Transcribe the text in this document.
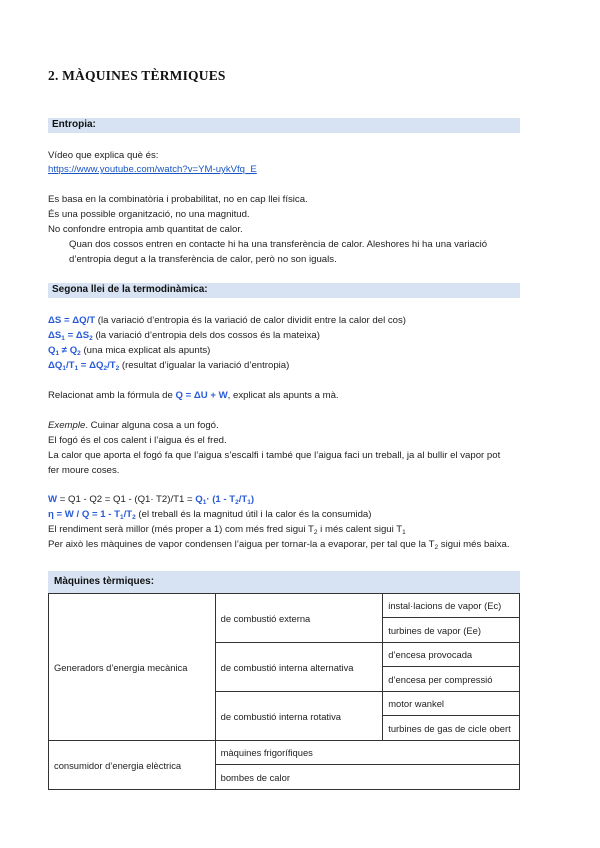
2. MÀQUINES TÈRMIQUES
Entropia:
Vídeo que explica què és:
https://www.youtube.com/watch?v=YM-uykVfq_E
Es basa en la combinatòria i probabilitat, no en cap llei física.
És una possible organització, no una magnitud.
No confondre entropia amb quantitat de calor.
Quan dos cossos entren en contacte hi ha una transferència de calor. Aleshores hi ha una variació
d’entropia degut a la transferència de calor, però no son iguals.
Segona llei de la termodinàmica:
ΔS = ΔQ/T (la variació d’entropia és la variació de calor dividit entre la calor del cos)
$\Delta S_1 = \Delta S_2$ (la variació d’entropia dels dos cossos és la mateixa)
$Q_1 \ne Q_2$ (una mica explicat als apunts)
$\Delta Q_1/T_1 = \Delta Q_2/T_2$ (resultat d’igualar la variació d’entropia)
Relacionat amb la fórmula de Q = ΔU + W, explicat als apunts a mà.
Exemple. Cuinar alguna cosa a un fogó.
El fogó és el cos calent i l’aigua és el fred.
La calor que aporta el fogó fa que l’aigua s’escalfi i també que l’aigua faci un treball, ja al bullir el vapor pot
fer moure coses.
$W = Q1 - Q2 = Q1 - (Q1\cdot T2)/T1 = Q_1\cdot (1 - T_2/T_1)$
$\eta = W / Q = 1 - T_1/T_2$ (el treball és la magnitud útil i la calor és la consumida)
El rendiment serà millor (més proper a 1) com més fred sigui $T_2$ i més calent sigui $T_1$
Per això les màquines de vapor condensen l’aigua per tornar-la a evaporar, per tal que la $T_2$ sigui més baixa.
Màquines tèrmiques:
Generadors d’energia mecànica	de combustió externa	instal·lacions de vapor (Ec)
		turbines de vapor (Ee)
	de combustió interna alternativa	d’encesa provocada
		d’encesa per compressió
	de combustió interna rotativa	motor wankel
		turbines de gas de cicle obert
consumidor d’energia elèctrica	màquines frigorífiques	
	bombes de calor	
